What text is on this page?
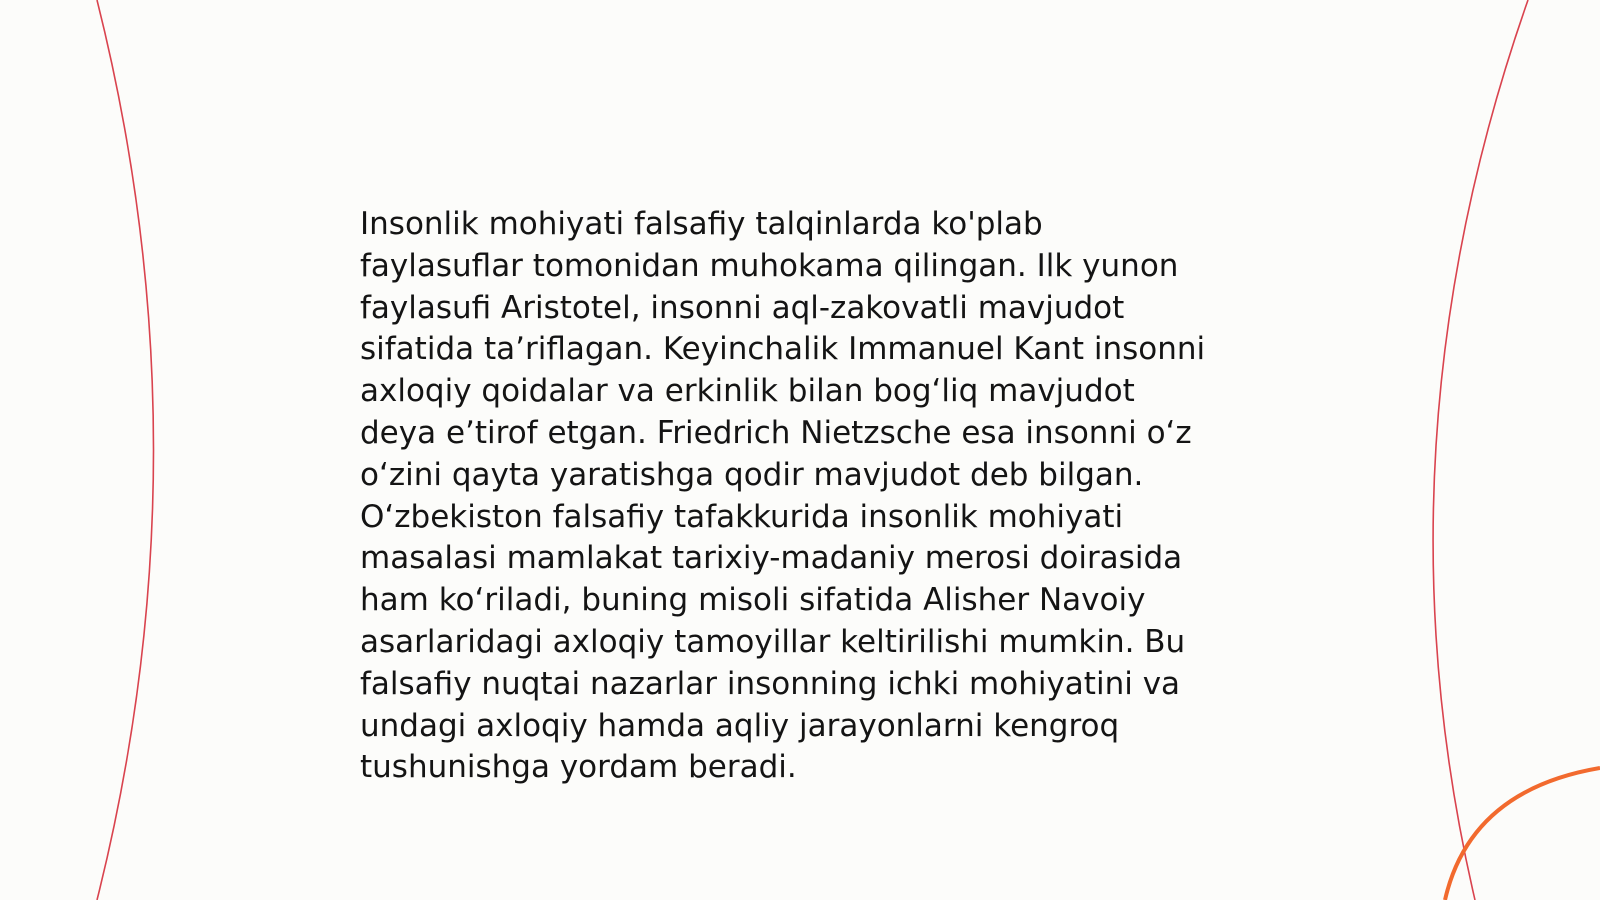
Insonlik mohiyati falsafiy talqinlarda ko'plab
faylasuflar tomonidan muhokama qilingan. Ilk yunon
faylasufi Aristotel, insonni aql-zakovatli mavjudot
sifatida ta’riflagan. Keyinchalik Immanuel Kant insonni
axloqiy qoidalar va erkinlik bilan bog‘liq mavjudot
deya e’tirof etgan. Friedrich Nietzsche esa insonni o‘z
o‘zini qayta yaratishga qodir mavjudot deb bilgan.
O‘zbekiston falsafiy tafakkurida insonlik mohiyati
masalasi mamlakat tarixiy-madaniy merosi doirasida
ham ko‘riladi, buning misoli sifatida Alisher Navoiy
asarlaridagi axloqiy tamoyillar keltirilishi mumkin. Bu
falsafiy nuqtai nazarlar insonning ichki mohiyatini va
undagi axloqiy hamda aqliy jarayonlarni kengroq
tushunishga yordam beradi.
